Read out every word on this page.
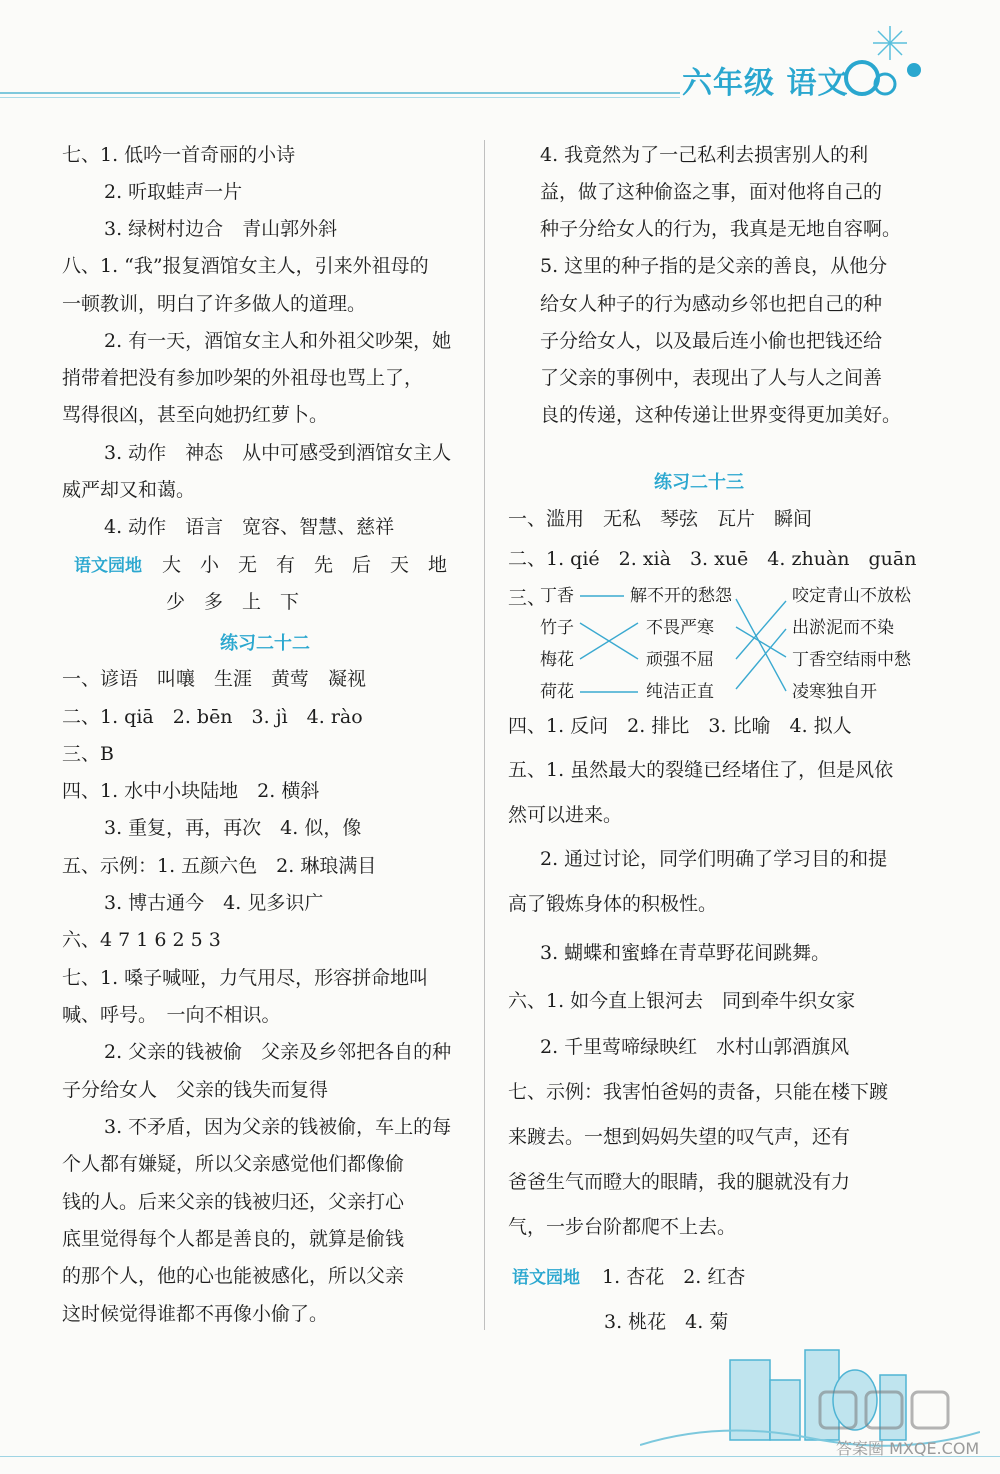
六年级 语文
七、1. 低吟一首奇丽的小诗
2. 听取蛙声一片
3. 绿树村边合　青山郭外斜
八、1. “我”报复酒馆女主人，引来外祖母的
一顿教训，明白了许多做人的道理。
2. 有一天，酒馆女主人和外祖父吵架，她
捎带着把没有参加吵架的外祖母也骂上了，
骂得很凶，甚至向她扔红萝卜。
3. 动作　神态　从中可感受到酒馆女主人
威严却又和蔼。
4. 动作　语言　宽容、智慧、慈祥
语文园地 大　小　无　有　先　后　天　地
少　多　上　下
练习二十二
一、谚语　叫嚷　生涯　黄莺　凝视
二、1. qiā　2. bēn　3. jì　4. rào
三、B
四、1. 水中小块陆地　2. 横斜
3. 重复，再，再次　4. 似，像
五、示例：1. 五颜六色　2. 琳琅满目
3. 博古通今　4. 见多识广
六、4 7 1 6 2 5 3
七、1. 嗓子喊哑，力气用尽，形容拼命地叫
喊、呼号。　一向不相识。
2. 父亲的钱被偷　父亲及乡邻把各自的种
子分给女人　父亲的钱失而复得
3. 不矛盾，因为父亲的钱被偷，车上的每
个人都有嫌疑，所以父亲感觉他们都像偷
钱的人。后来父亲的钱被归还，父亲打心
底里觉得每个人都是善良的，就算是偷钱
的那个人，他的心也能被感化，所以父亲
这时候觉得谁都不再像小偷了。
4. 我竟然为了一己私利去损害别人的利
益，做了这种偷盗之事，面对他将自己的
种子分给女人的行为，我真是无地自容啊。
5. 这里的种子指的是父亲的善良，从他分
给女人种子的行为感动乡邻也把自己的种
子分给女人，以及最后连小偷也把钱还给
了父亲的事例中，表现出了人与人之间善
良的传递，这种传递让世界变得更加美好。
练习二十三
一、滥用　无私　琴弦　瓦片　瞬间
二、1. qié　2. xià　3. xuē　4. zhuàn　guān
三、
丁香
竹子
梅花
荷花
解不开的愁怨
不畏严寒
顽强不屈
纯洁正直
咬定青山不放松
出淤泥而不染
丁香空结雨中愁
凌寒独自开
四、1. 反问　2. 排比　3. 比喻　4. 拟人
五、1. 虽然最大的裂缝已经堵住了，但是风依
然可以进来。
2. 通过讨论，同学们明确了学习目的和提
高了锻炼身体的积极性。
3. 蝴蝶和蜜蜂在青草野花间跳舞。
六、1. 如今直上银河去　同到牵牛织女家
2. 千里莺啼绿映红　水村山郭酒旗风
七、示例：我害怕爸妈的责备，只能在楼下踱
来踱去。一想到妈妈失望的叹气声，还有
爸爸生气而瞪大的眼睛，我的腿就没有力
气，一步台阶都爬不上去。
语文园地 1. 杏花　2. 红杏
3. 桃花　4. 菊
答案圈 MXQE.COM
